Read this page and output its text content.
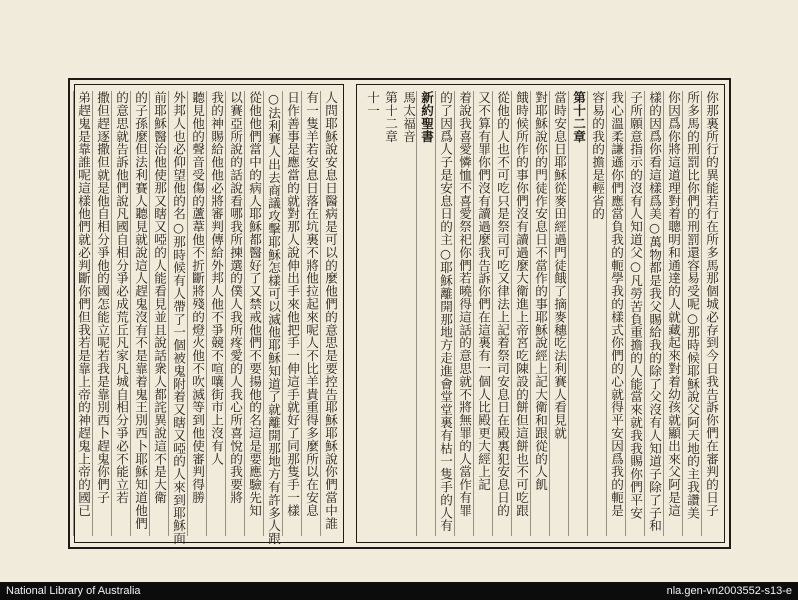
你那裏所行的異能若行在所多馬那個城必存到今日我告訴你們在審判的日子
所多馬的刑罰比你們的刑罰還容易受呢○那時候耶穌說父阿天地的主我讚美
你因爲你將這道理對着聰明和通達的人就藏起來對着幼孩就顯出來父阿是這
樣的因爲你看這樣爲美○萬物都是我父賜給我的除了父沒有人知道子除了子和
子所願意指示的沒有人知道父○凡勞苦負重擔的人能當來就我我賜你們平安
我心溫柔謙遜你們應當負我的軛學我的樣式你們的心就得平安因爲我的軛是
容易的我的擔是輕省的
第十二章
當時安息日耶穌從麥田經過門徒餓了摘麥穗吃法利賽人看見就
對耶穌說你的門徒作安息日不當作的事耶穌說經上記大衛和跟從的人飢
餓時候所作的事你們沒有讀過麼大衛進上帝宮吃陳設的餅但這餅也不可吃跟
從他的人也不可吃只是祭司可吃又律法上記着祭司安息日在殿裏犯安息日的
又不算有罪你們沒有讀過麼我告訴你們在這裏有一個人比殿更大經上記
着說我喜愛憐恤不喜愛祭祀你們若曉得這話的意思就不將無罪的人當作有罪
的了因爲人子是安息日的主○耶穌離開那地方走進會堂堂裏有枯一隻手的人有
新約聖書
馬太福音
第十二章
十一
人問耶穌說安息日醫病是可以的麼他們的意思是要控告耶穌耶穌說你們當中誰
有一隻羊若安息日落在坑裏不將他拉起來呢人不比羊貴重得多麼所以在安息
日作善事是應當的就對那人說伸出手來他把手一伸這手就好了同那隻手一樣
○法利賽人出去商議攻擊耶穌怎樣可以滅他耶穌知道了就離開那地方有許多人跟
從他他們當中的病人耶穌都醫好了又禁戒他們不要揚他的名這是要應驗先知
以賽亞所說的話說看哪我所揀選的僕人我所疼愛的人我心所喜悅的我要將
我的神賜給他他必將審判傳給外邦人他不爭競不喧嚷街市上沒有人
聽見他的聲音受傷的蘆葦他不折斷將殘的燈火他不吹滅等到他使審判得勝
外邦人也必仰望他的名○那時候有人帶了一個被鬼附着又瞎又啞的人來到耶穌面
前耶穌醫治他使那又瞎又啞的人能看見並且說話衆人都詫異說這不是大衛
的子孫麼但法利賽人聽見就說這人趕鬼沒有不是靠着鬼王別西卜耶穌知道他們
的意思就告訴他們說凡國自相分爭必成荒丘凡家凡城自相分爭必不能立若
撒但趕逐撒但就是他自相分爭他的國怎能立呢若我是靠別西卜趕鬼你們子
弟趕鬼是靠誰呢這樣他們就必判斷你們但我若是靠上帝的神趕鬼上帝的國已
National Library of Australia	nla.gen-vn2003552-s13-e
